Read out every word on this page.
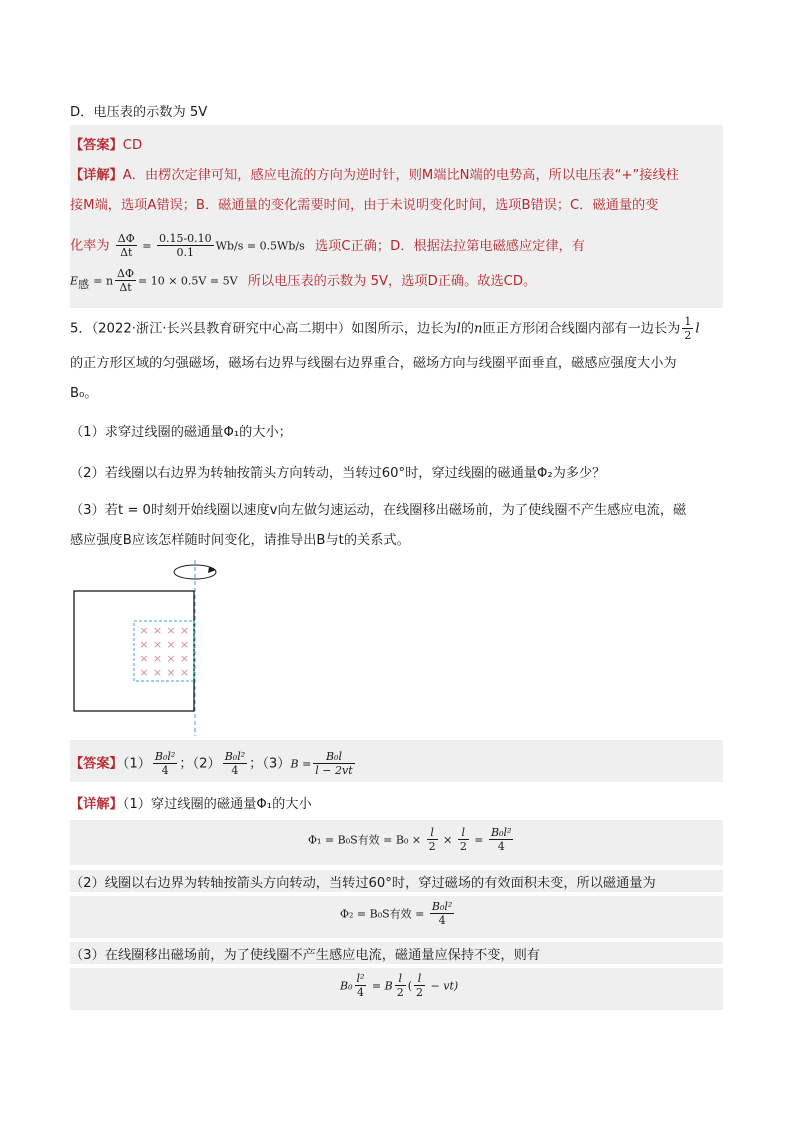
D．电压表的示数为 5V
【答案】CD
【详解】A．由楞次定律可知，感应电流的方向为逆时针，则M端比N端的电势高，所以电压表“+”接线柱
接M端，选项A错误；B．磁通量的变化需要时间，由于未说明变化时间，选项B错误；C．磁通量的变
化率为 $\frac{\Delta\Phi}{\Delta t} = \frac{0.15-0.10}{0.1} Wb/s = 0.5Wb/s$ 选项C正确；D．根据法拉第电磁感应定律，有
$E_感 = n \frac{\Delta\Phi}{\Delta t} = 10 \times 0.5V = 5V$ 所以电压表的示数为 5V，选项D正确。故选CD。
5．（2022·浙江·长兴县教育研究中心高二期中）如图所示，边长为l的n匝正方形闭合线圈内部有一边长为 $\frac{1}{2}$ l
的正方形区域的匀强磁场，磁场右边界与线圈右边界重合，磁场方向与线圈平面垂直，磁感应强度大小为
B₀。
（1）求穿过线圈的磁通量Φ₁的大小；
（2）若线圈以右边界为转轴按箭头方向转动，当转过60°时，穿过线圈的磁通量Φ₂为多少？
（3）若t = 0时刻开始线圈以速度v向左做匀速运动，在线圈移出磁场前，为了使线圈不产生感应电流，磁
感应强度B应该怎样随时间变化，请推导出B与t的关系式。
× × × ×
× × × ×
× × × ×
× × × ×
【答案】$(1) \frac{\text{B₀l²}}{4}$ ；$(2) \frac{\text{B₀l²}}{4}$ ；$(3)B = \frac{\text{B₀l}}{l - 2vt}$
【详解】（1）穿过线圈的磁通量Φ₁的大小
Φ₁ = B₀S有效 = $B_0 \times \frac{l}{2} \times \frac{l}{2} = \frac{\text{B₀l²}}{4}$
（2）线圈以右边界为转轴按箭头方向转动，当转过60°时，穿过磁场的有效面积未变，所以磁通量为
Φ₂ = B₀S有效 = $\frac{\text{B₀l²}}{4}$
（3）在线圈移出磁场前，为了使线圈不产生感应电流，磁通量应保持不变，则有
$B_0 \frac{\text{l²}}{4} = B \frac{l}{2}$ ( $\frac{l}{2} - vt$)
